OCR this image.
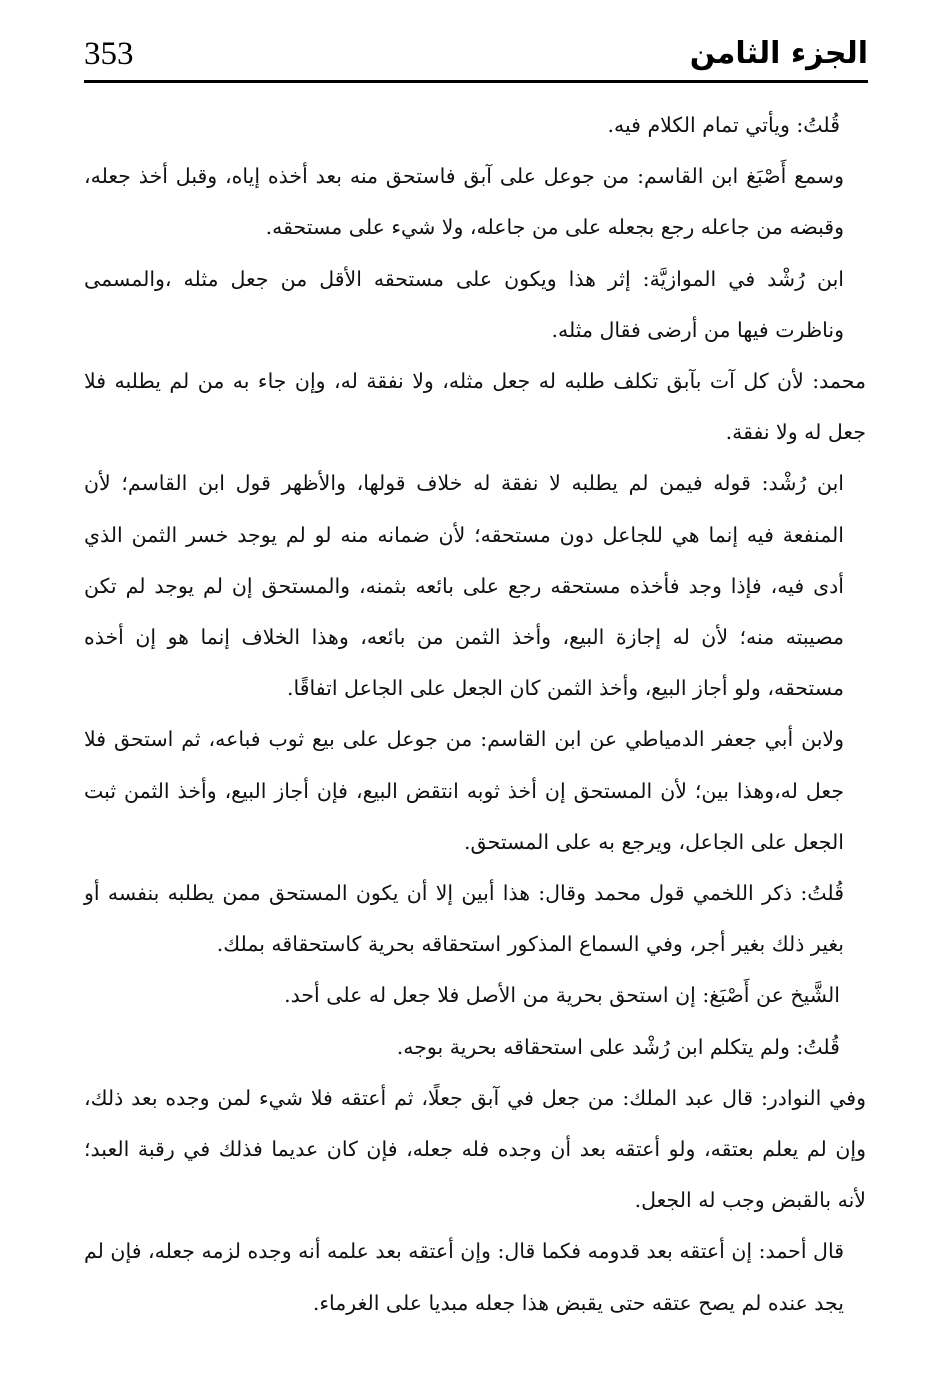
الجزء الثامن
353

قُلتُ: ويأتي تمام الكلام فيه.

وسمع أَصْبَغ ابن القاسم: من جوعل على آبق فاستحق منه بعد أخذه إياه، وقبل أخذ جعله، وقبضه من جاعله رجع بجعله على من جاعله، ولا شيء على مستحقه.

ابن رُشْد في الموازيَّة: إثر هذا ويكون على مستحقه الأقل من جعل مثله ،والمسمى وناظرت فيها من أرضى فقال مثله.

محمد: لأن كل آت بآبق تكلف طلبه له جعل مثله، ولا نفقة له، وإن جاء به من لم يطلبه فلا جعل له ولا نفقة.

ابن رُشْد: قوله فيمن لم يطلبه لا نفقة له خلاف قولها، والأظهر قول ابن القاسم؛ لأن المنفعة فيه إنما هي للجاعل دون مستحقه؛ لأن ضمانه منه لو لم يوجد خسر الثمن الذي أدى فيه، فإذا وجد فأخذه مستحقه رجع على بائعه بثمنه، والمستحق إن لم يوجد لم تكن مصيبته منه؛ لأن له إجازة البيع، وأخذ الثمن من بائعه، وهذا الخلاف إنما هو إن أخذه مستحقه، ولو أجاز البيع، وأخذ الثمن كان الجعل على الجاعل اتفاقًا.

ولابن أبي جعفر الدمياطي عن ابن القاسم: من جوعل على بيع ثوب فباعه، ثم استحق فلا جعل له،وهذا بين؛ لأن المستحق إن أخذ ثوبه انتقض البيع، فإن أجاز البيع، وأخذ الثمن ثبت الجعل على الجاعل، ويرجع به على المستحق.

قُلتُ: ذكر اللخمي قول محمد وقال: هذا أبين إلا أن يكون المستحق ممن يطلبه بنفسه أو بغير ذلك بغير أجر، وفي السماع المذكور استحقاقه بحرية كاستحقاقه بملك.

الشَّيخ عن أَصْبَغ: إن استحق بحرية من الأصل فلا جعل له على أحد.

قُلتُ: ولم يتكلم ابن رُشْد على استحقاقه بحرية بوجه.

وفي النوادر: قال عبد الملك: من جعل في آبق جعلًا، ثم أعتقه فلا شيء لمن وجده بعد ذلك، وإن لم يعلم بعتقه، ولو أعتقه بعد أن وجده فله جعله، فإن كان عديما فذلك في رقبة العبد؛ لأنه بالقبض وجب له الجعل.

قال أحمد: إن أعتقه بعد قدومه فكما قال: وإن أعتقه بعد علمه أنه وجده لزمه جعله، فإن لم يجد عنده لم يصح عتقه حتى يقبض هذا جعله مبديا على الغرماء.
